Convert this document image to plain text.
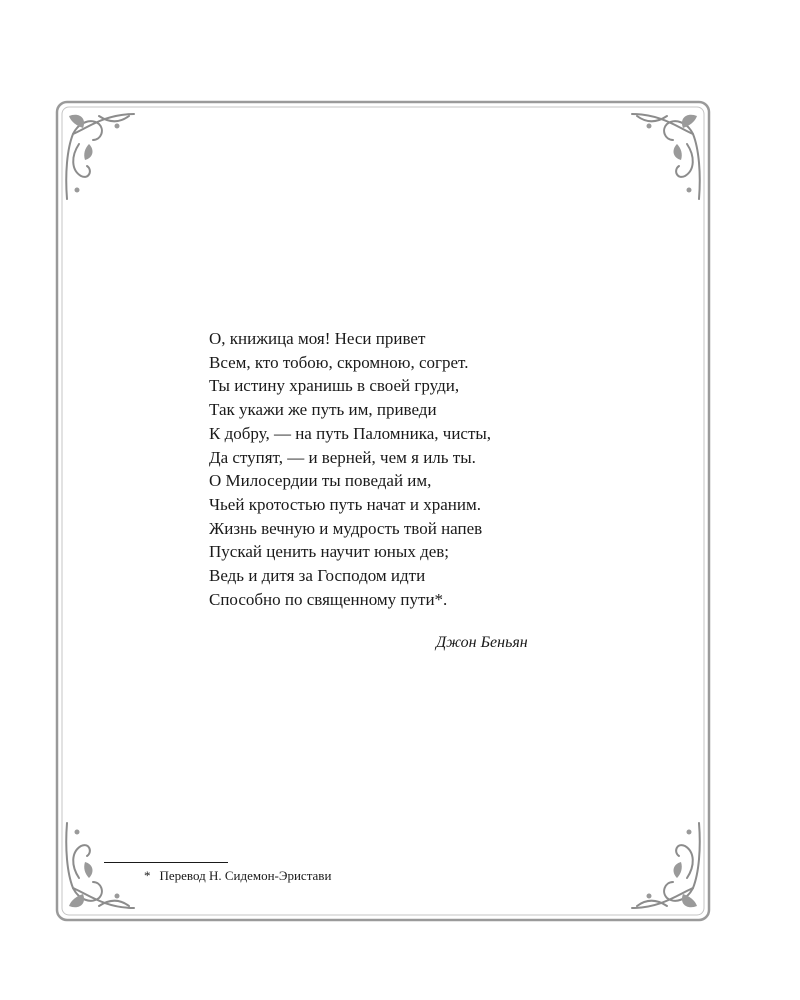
О, книжица моя! Неси привет
Всем, кто тобою, скромною, согрет.
Ты истину хранишь в своей груди,
Так укажи же путь им, приведи
К добру, — на путь Паломника, чисты,
Да ступят, — и верней, чем я иль ты.
О Милосердии ты поведай им,
Чьей кротостью путь начат и храним.
Жизнь вечную и мудрость твой напев
Пускай ценить научит юных дев;
Ведь и дитя за Господом идти
Способно по священному пути*.
Джон Беньян
* Перевод Н. Сидемон-Эристави
